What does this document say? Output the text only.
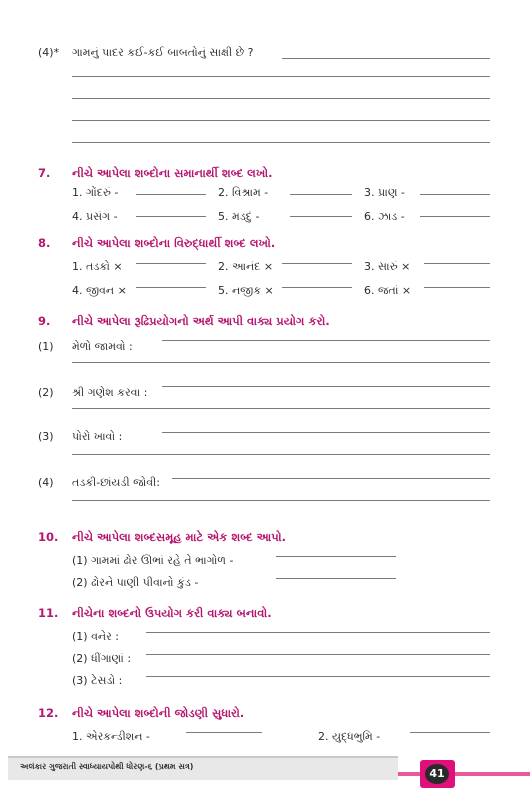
(4)* ગામનું પાદર કઈ-કઈ બાબતોનું સાક્ષી છે ?
7. નીચે આપેલા શબ્દોના સમાનાર્થી શબ્દ લખો.
1. ગોંદરું -	2. વિશ્રામ -	3. પ્રાણ -
4. પ્રસંગ -	5. મડદું -	6. ઝાડ -
8. નીચે આપેલા શબ્દોના વિરુદ્ધાર્થી શબ્દ લખો.
1. તડકો ×	2. આનંદ ×	3. સારું ×
4. જીવન ×	5. નજીક ×	6. જતાં ×
9. નીચે આપેલા રૂઢિપ્રયોગનો અર્થ આપી વાક્ય પ્રયોગ કરો.
(1) મેળો જામવો :
(2) શ્રી ગણેશ કરવા :
(3) પોરો ખાવો :
(4) તડકી-છાંયડી જોવી:
10. નીચે આપેલા શબ્દસમૂહ માટે એક શબ્દ આપો.
(1) ગામમાં ઢોર ઊભાં રહે તે ભાગોળ -
(2) ઢોરને પાણી પીવાનો કુંડ -
11. નીચેના શબ્દનો ઉપયોગ કરી વાક્ય બનાવો.
(1) વનેર :
(2) ધીંગાણાં :
(3) ટેસડો :
12. નીચે આપેલા શબ્દોની જોડણી સુધારો.
1. એરકન્ડીશન -	2. યુદ્ધભુમિ -
અલંકાર ગુજરાતી સ્વાધ્યાયપોથી ધોરણ-૬ (પ્રથમ સત્ર)
41
